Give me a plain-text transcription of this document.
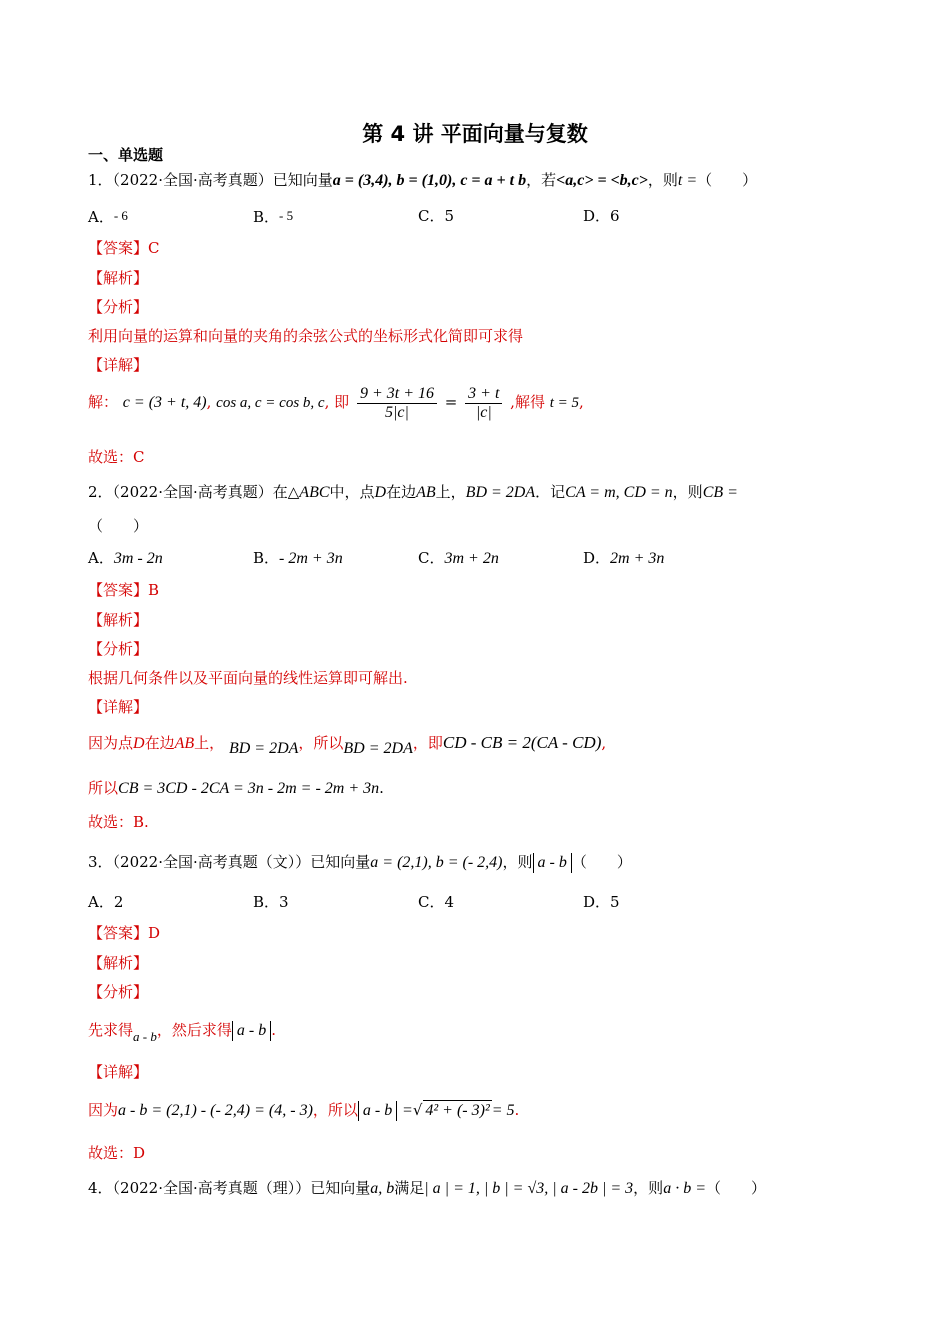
第 4 讲 平面向量与复数
一、单选题
1．（2022·全国·高考真题）已知向量a = (3,4), b = (1,0), c = a + t b，若<a,c> = <b,c>，则t =（　　）
A．- 6	B．- 5	C．5	D．6
【答案】C
【解析】
【分析】
利用向量的运算和向量的夹角的余弦公式的坐标形式化简即可求得
【详解】
解： c = (3 + t, 4), cos a, c = cos b, c, 即 $\frac{9 + 3t + 16}{5|c|} = \frac{3 + t}{|c|}$ ,解得 t = 5,
故选：C
2．（2022·全国·高考真题）在△ABC中，点D在边AB上，BD = 2DA．记CA = m, CD = n，则CB =
（　　）
A．3m - 2n	B．- 2m + 3n	C．3m + 2n	D．2m + 3n
【答案】B
【解析】
【分析】
根据几何条件以及平面向量的线性运算即可解出.
【详解】
因为点D在边AB上， BD = 2DA，所以BD = 2DA，即CD - CB = 2(CA - CD),
所以CB = 3CD - 2CA = 3n - 2m = - 2m + 3n.
故选：B.
3．（2022·全国·高考真题（文））已知向量a = (2,1), b = (- 2,4)，则 a - b （　　）
A．2	B．3	C．4	D．5
【答案】D
【解析】
【分析】
先求得a - b，然后求得 a - b .
【详解】
因为a - b = (2,1) - (- 2,4) = (4, - 3)，所以 a - b =√ 4² + (- 3)² = 5.
故选：D
4．（2022·全国·高考真题（理））已知向量a, b满足| a | = 1, | b | = √3, | a - 2b | = 3，则a · b =（　　）
